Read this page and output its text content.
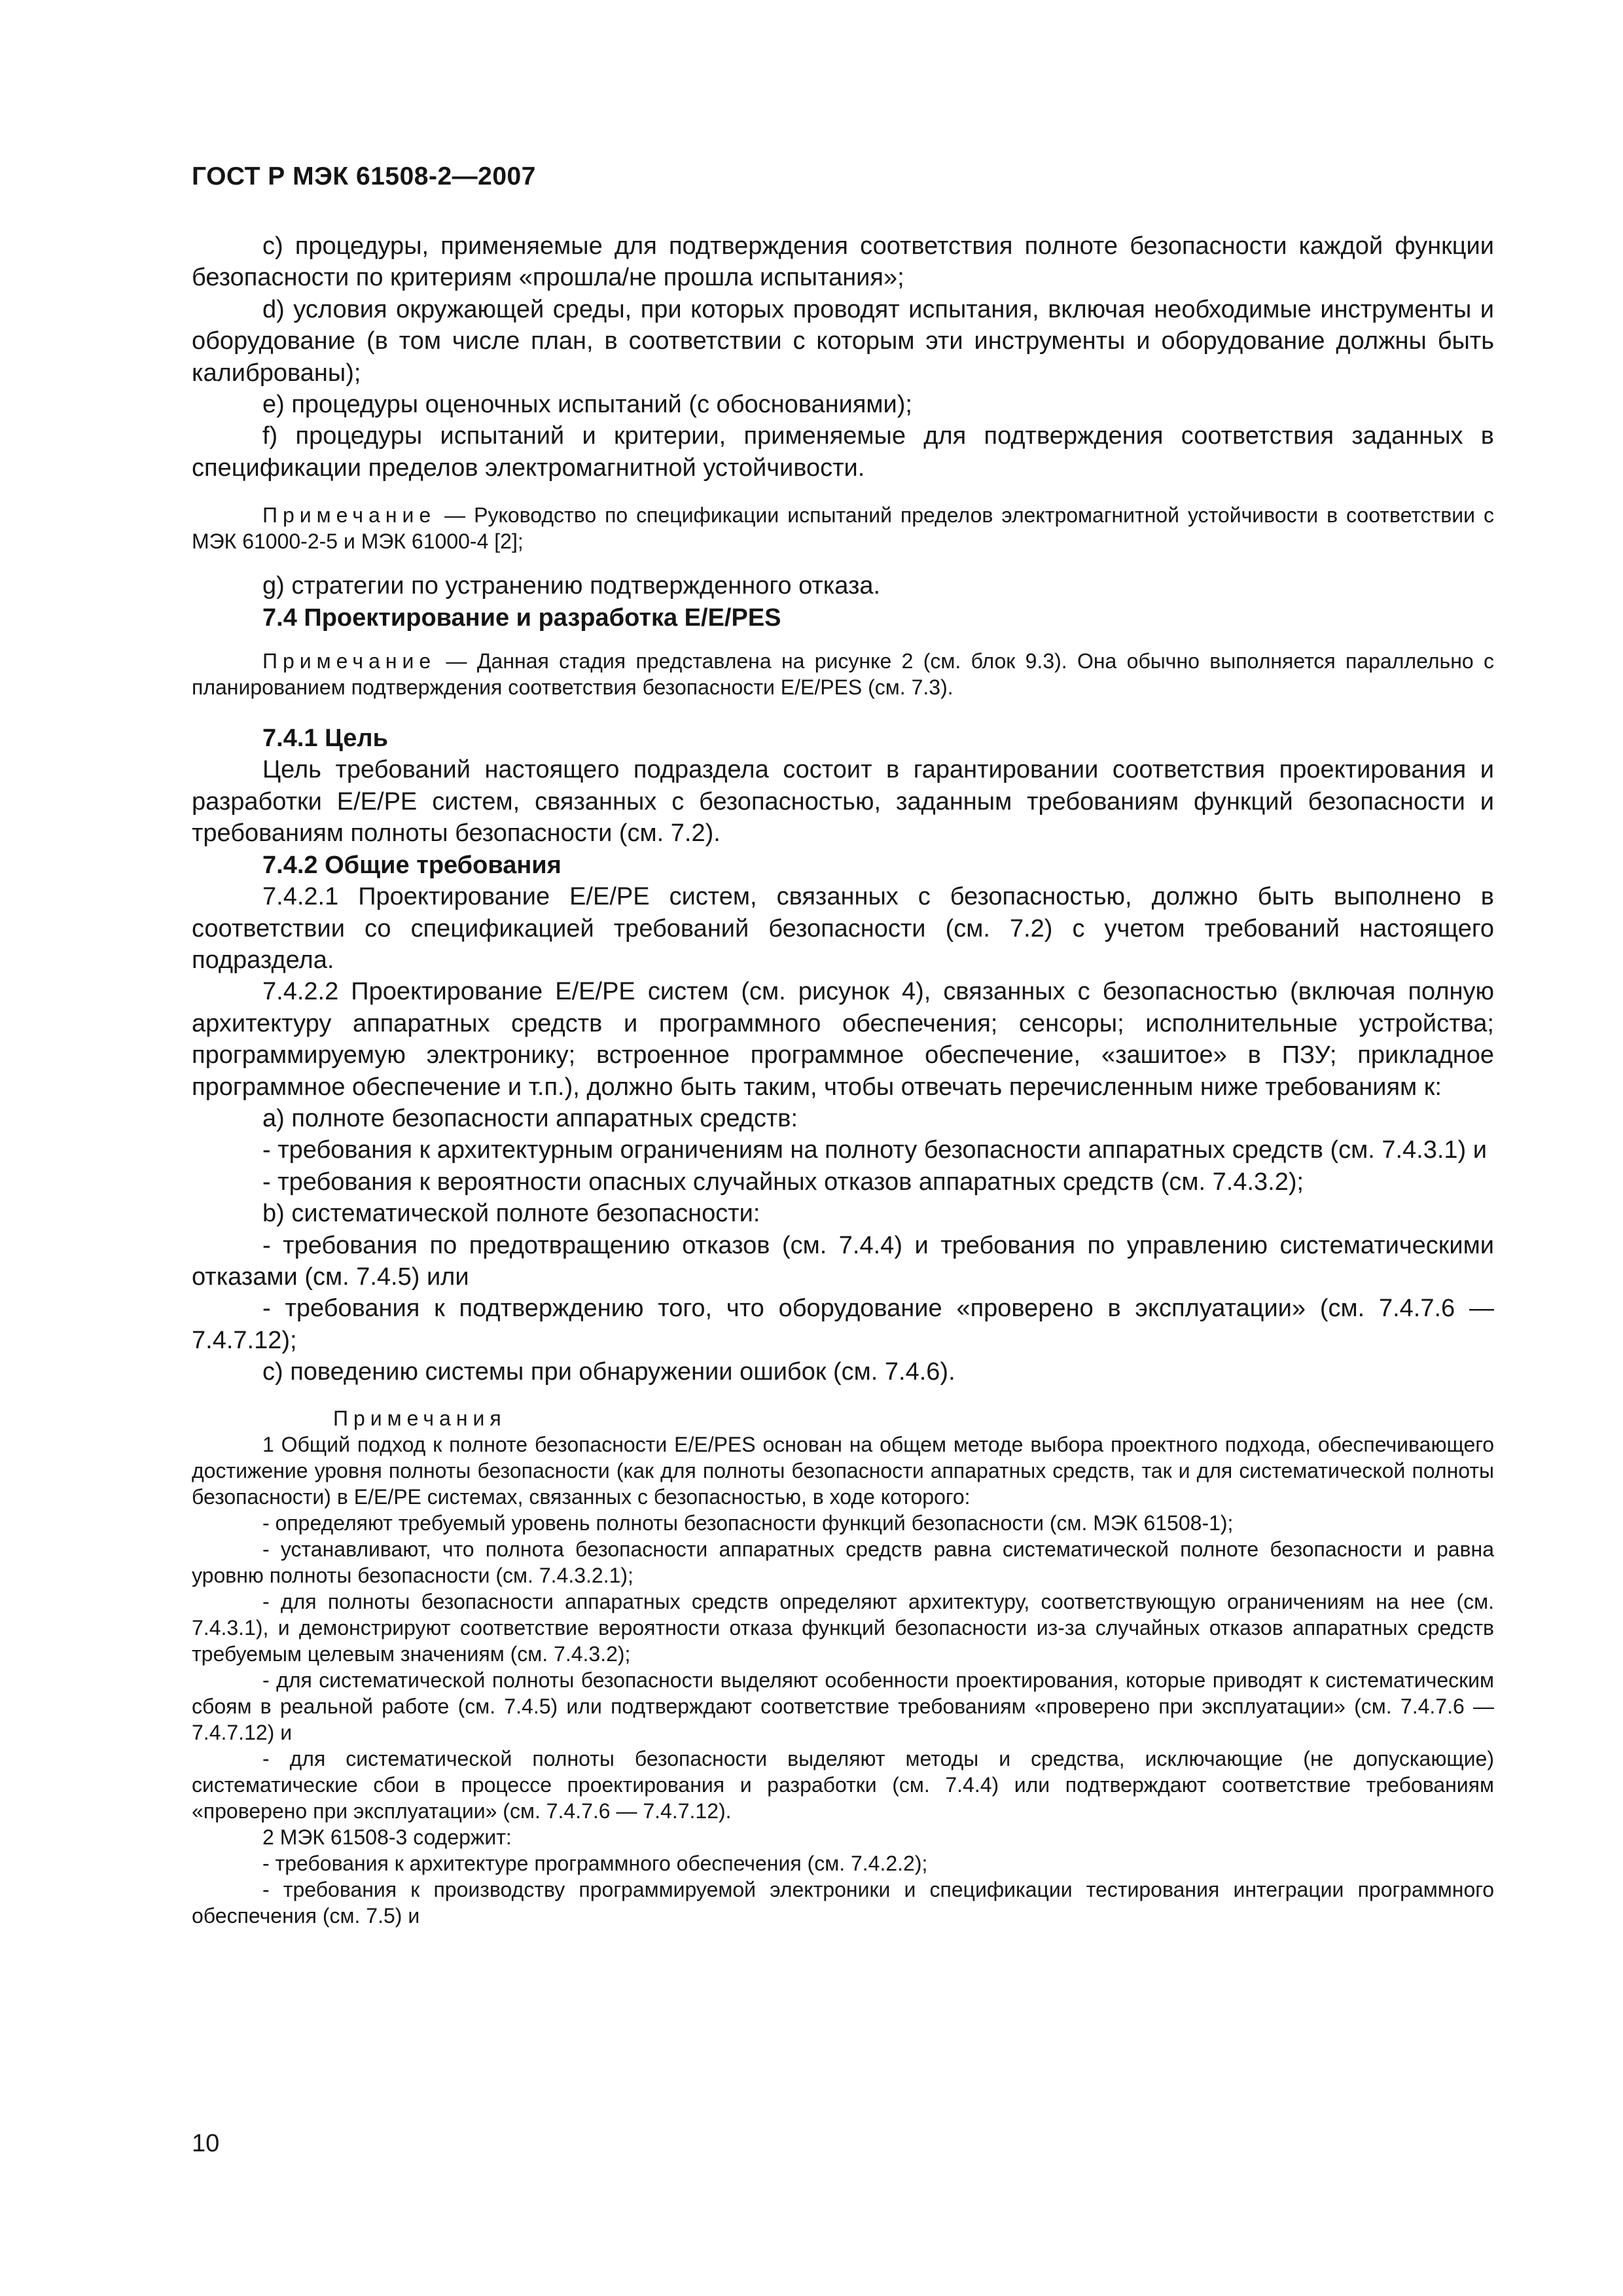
ГОСТ Р МЭК 61508-2—2007

с) процедуры, применяемые для подтверждения соответствия полноте безопасности каждой функции безопасности по критериям «прошла/не прошла испытания»;

d) условия окружающей среды, при которых проводят испытания, включая необходимые инструменты и оборудование (в том числе план, в соответствии с которым эти инструменты и оборудование должны быть калиброваны);

е) процедуры оценочных испытаний (с обоснованиями);

f) процедуры испытаний и критерии, применяемые для подтверждения соответствия заданных в спецификации пределов электромагнитной устойчивости.

Примечание — Руководство по спецификации испытаний пределов электромагнитной устойчивости в соответствии с МЭК 61000-2-5 и МЭК 61000-4 [2];

g) стратегии по устранению подтвержденного отказа.

7.4 Проектирование и разработка Е/Е/PES

Примечание — Данная стадия представлена на рисунке 2 (см. блок 9.3). Она обычно выполняется параллельно с планированием подтверждения соответствия безопасности Е/Е/PES (см. 7.3).

7.4.1 Цель

Цель требований настоящего подраздела состоит в гарантировании соответствия проектирования и разработки Е/Е/РЕ систем, связанных с безопасностью, заданным требованиям функций безопасности и требованиям полноты безопасности (см. 7.2).

7.4.2 Общие требования

7.4.2.1 Проектирование Е/Е/РЕ систем, связанных с безопасностью, должно быть выполнено в соответствии со спецификацией требований безопасности (см. 7.2) с учетом требований настоящего подраздела.

7.4.2.2 Проектирование Е/Е/РЕ систем (см. рисунок 4), связанных с безопасностью (включая полную архитектуру аппаратных средств и программного обеспечения; сенсоры; исполнительные устройства; программируемую электронику; встроенное программное обеспечение, «зашитое» в ПЗУ; прикладное программное обеспечение и т.п.), должно быть таким, чтобы отвечать перечисленным ниже требованиям к:

а) полноте безопасности аппаратных средств:

- требования к архитектурным ограничениям на полноту безопасности аппаратных средств (см. 7.4.3.1) и

- требования к вероятности опасных случайных отказов аппаратных средств (см. 7.4.3.2);

b) систематической полноте безопасности:

- требования по предотвращению отказов (см. 7.4.4) и требования по управлению систематическими отказами (см. 7.4.5) или

- требования к подтверждению того, что оборудование «проверено в эксплуатации» (см. 7.4.7.6 — 7.4.7.12);

с) поведению системы при обнаружении ошибок (см. 7.4.6).

Примечания

1 Общий подход к полноте безопасности Е/Е/PES основан на общем методе выбора проектного подхода, обеспечивающего достижение уровня полноты безопасности (как для полноты безопасности аппаратных средств, так и для систематической полноты безопасности) в Е/Е/РЕ системах, связанных с безопасностью, в ходе которого:

- определяют требуемый уровень полноты безопасности функций безопасности (см. МЭК 61508-1);

- устанавливают, что полнота безопасности аппаратных средств равна систематической полноте безопасности и равна уровню полноты безопасности (см. 7.4.3.2.1);

- для полноты безопасности аппаратных средств определяют архитектуру, соответствующую ограничениям на нее (см. 7.4.3.1), и демонстрируют соответствие вероятности отказа функций безопасности из-за случайных отказов аппаратных средств требуемым целевым значениям (см. 7.4.3.2);

- для систематической полноты безопасности выделяют особенности проектирования, которые приводят к систематическим сбоям в реальной работе (см. 7.4.5) или подтверждают соответствие требованиям «проверено при эксплуатации» (см. 7.4.7.6 — 7.4.7.12) и

- для систематической полноты безопасности выделяют методы и средства, исключающие (не допускающие) систематические сбои в процессе проектирования и разработки (см. 7.4.4) или подтверждают соответствие требованиям «проверено при эксплуатации» (см. 7.4.7.6 — 7.4.7.12).

2 МЭК 61508-3 содержит:

- требования к архитектуре программного обеспечения (см. 7.4.2.2);

- требования к производству программируемой электроники и спецификации тестирования интеграции программного обеспечения (см. 7.5) и

10
